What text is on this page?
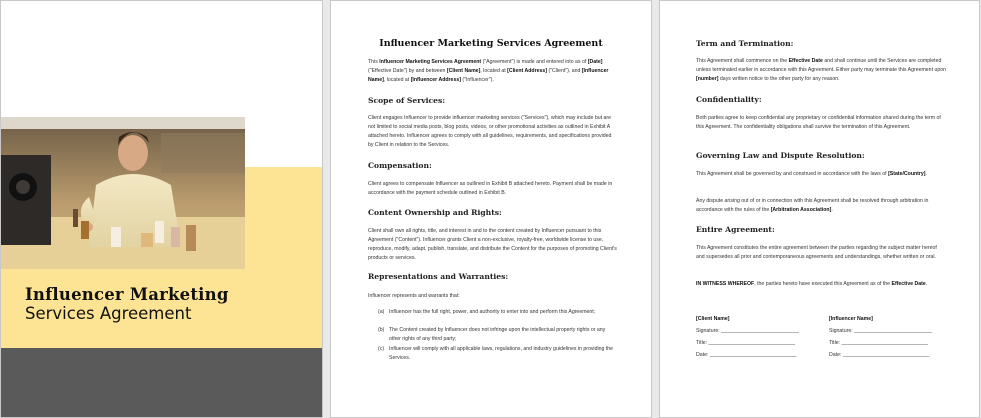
Influencer Marketing
Services Agreement
Influencer Marketing Services Agreement
This Influencer Marketing Services Agreement ("Agreement") is made and entered into as of [Date] ("Effective Date") by and between [Client Name], located at [Client Address] ("Client"), and [Influencer Name], located at [Influencer Address] ("Influencer").
Scope of Services:
Client engages Influencer to provide influencer marketing services ("Services"), which may include but are not limited to social media posts, blog posts, videos, or other promotional activities as outlined in Exhibit A attached hereto. Influencer agrees to comply with all guidelines, requirements, and specifications provided by Client in relation to the Services.
Compensation:
Client agrees to compensate Influencer as outlined in Exhibit B attached hereto. Payment shall be made in accordance with the payment schedule outlined in Exhibit B.
Content Ownership and Rights:
Client shall own all rights, title, and interest in and to the content created by Influencer pursuant to this Agreement ("Content"). Influencer grants Client a non-exclusive, royalty-free, worldwide license to use, reproduce, modify, adapt, publish, translate, and distribute the Content for the purposes of promoting Client's products or services.
Representations and Warranties:
Influencer represents and warrants that:
(a) Influencer has the full right, power, and authority to enter into and perform this Agreement;
(b) The Content created by Influencer does not infringe upon the intellectual property rights or any other rights of any third party;
(c) Influencer will comply with all applicable laws, regulations, and industry guidelines in providing the Services.
Term and Termination:
This Agreement shall commence on the Effective Date and shall continue until the Services are completed unless terminated earlier in accordance with this Agreement. Either party may terminate this Agreement upon [number] days written notice to the other party for any reason.
Confidentiality:
Both parties agree to keep confidential any proprietary or confidential information shared during the term of this Agreement. The confidentiality obligations shall survive the termination of this Agreement.
Governing Law and Dispute Resolution:
This Agreement shall be governed by and construed in accordance with the laws of [State/Country].
Any dispute arising out of or in connection with this Agreement shall be resolved through arbitration in accordance with the rules of the [Arbitration Association].
Entire Agreement:
This Agreement constitutes the entire agreement between the parties regarding the subject matter hereof and supersedes all prior and contemporaneous agreements and understandings, whether written or oral.
IN WITNESS WHEREOF, the parties hereto have executed this Agreement as of the Effective Date.
[Client Name]
Signature: ___________________________
Title: ______________________________
Date: ______________________________
[Influencer Name]
Signature: ___________________________
Title: ______________________________
Date: ______________________________
